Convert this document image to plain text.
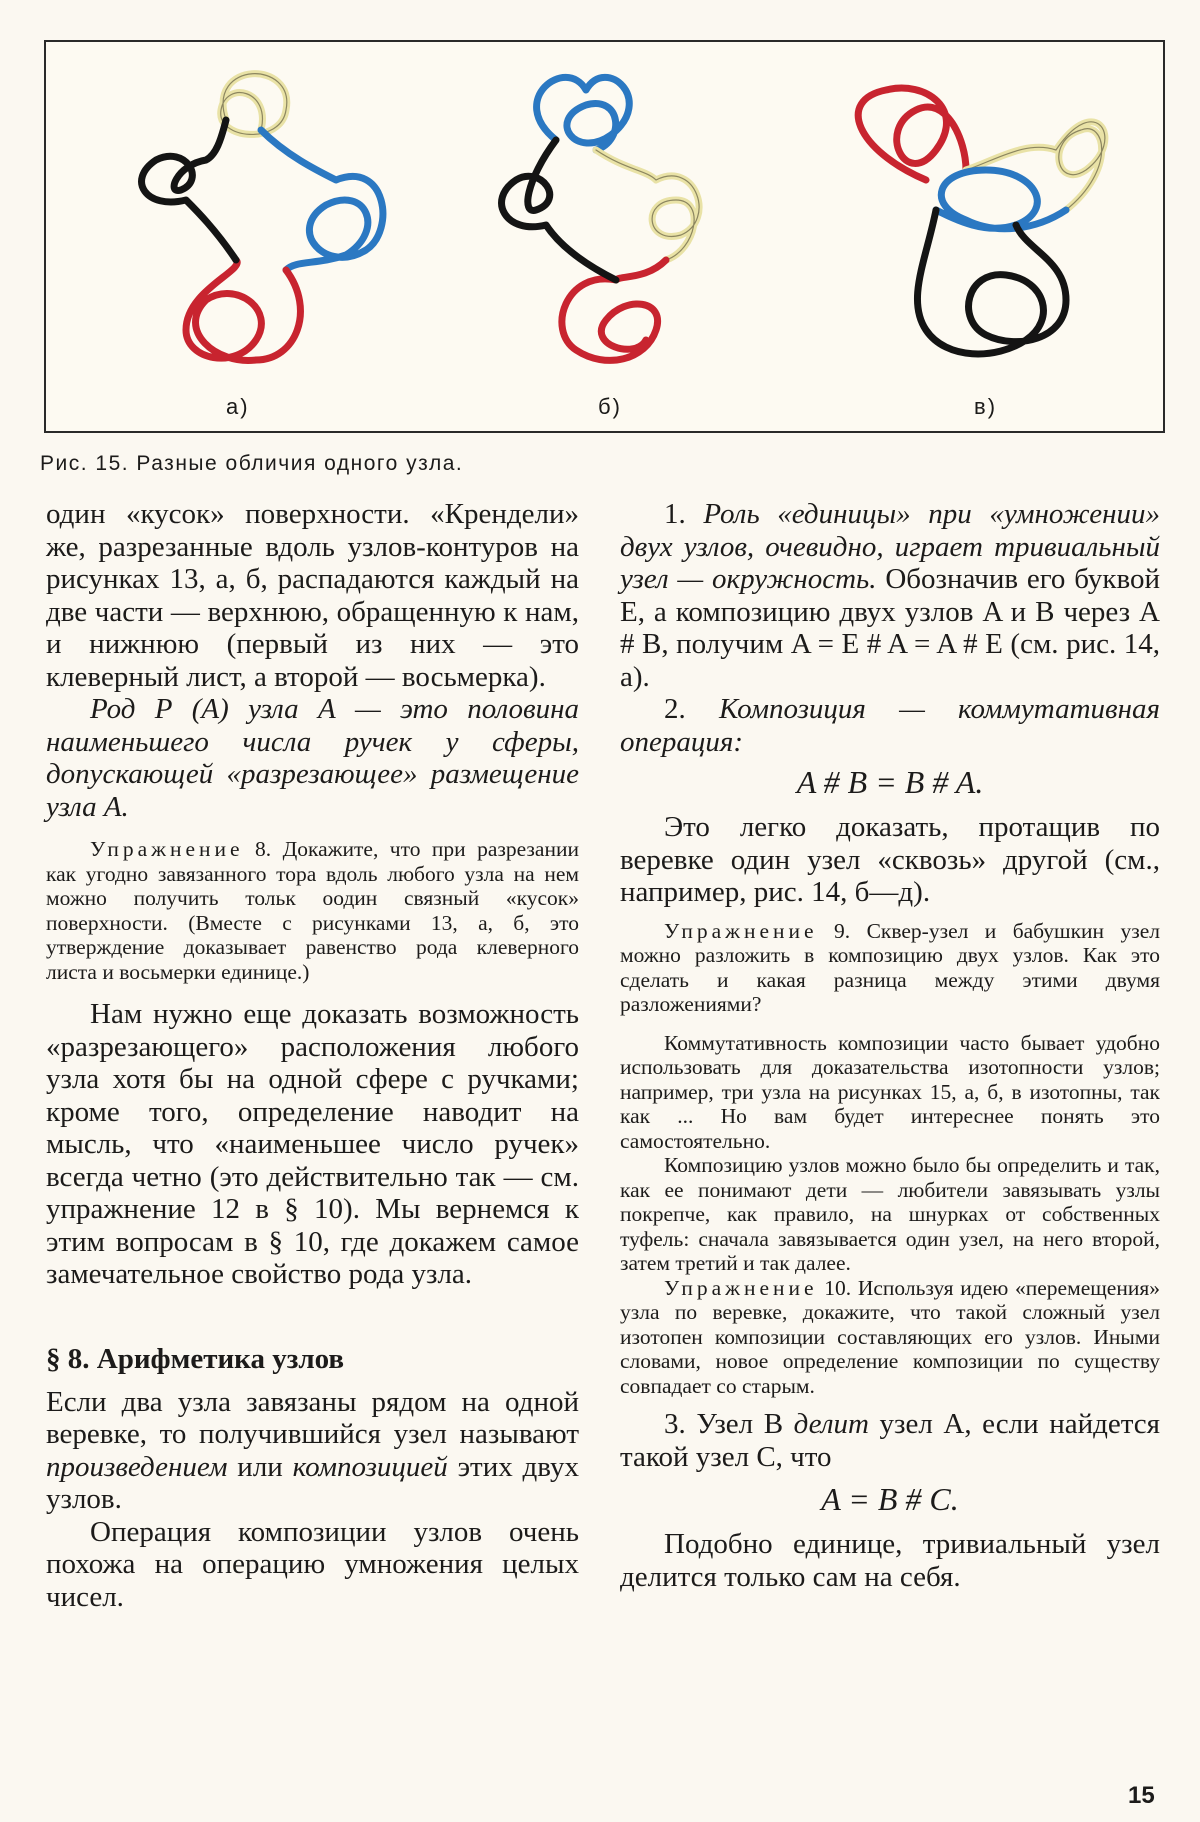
а)	б)	в)
Рис. 15. Разные обличия одного узла.

один «кусок» поверхности. «Крендели» же, разрезанные вдоль узлов-контуров на рисунках 13, а, б, распадаются каждый на две части — верхнюю, обращенную к нам, и нижнюю (первый из них — это клеверный лист, а второй — восьмерка).

Род Р (А) узла А — это половина наименьшего числа ручек у сферы, допускающей «разрезающее» размещение узла А.

Упражнение 8. Докажите, что при разрезании как угодно завязанного тора вдоль любого узла на нем можно получить тольк оодин связный «кусок» поверхности. (Вместе с рисунками 13, а, б, это утверждение доказывает равенство рода клеверного листа и восьмерки единице.)

Нам нужно еще доказать возможность «разрезающего» расположения любого узла хотя бы на одной сфере с ручками; кроме того, определение наводит на мысль, что «наименьшее число ручек» всегда четно (это действительно так — см. упражнение 12 в § 10). Мы вернемся к этим вопросам в § 10, где докажем самое замечательное свойство рода узла.

§ 8. Арифметика узлов

Если два узла завязаны рядом на одной веревке, то получившийся узел называют произведением или композицией этих двух узлов.

Операция композиции узлов очень похожа на операцию умножения целых чисел.

1. Роль «единицы» при «умножении» двух узлов, очевидно, играет тривиальный узел — окружность. Обозначив его буквой E, а композицию двух узлов A и B через A # B, получим A = E # A = A # E (см. рис. 14, а).

2. Композиция — коммутативная операция:

A # B = B # A.

Это легко доказать, протащив по веревке один узел «сквозь» другой (см., например, рис. 14, б—д).

Упражнение 9. Сквер-узел и бабушкин узел можно разложить в композицию двух узлов. Как это сделать и какая разница между этими двумя разложениями?

Коммутативность композиции часто бывает удобно использовать для доказательства изотопности узлов; например, три узла на рисунках 15, а, б, в изотопны, так как ... Но вам будет интереснее понять это самостоятельно.

Композицию узлов можно было бы определить и так, как ее понимают дети — любители завязывать узлы покрепче, как правило, на шнурках от собственных туфель: сначала завязывается один узел, на него второй, затем третий и так далее.

Упражнение 10. Используя идею «перемещения» узла по веревке, докажите, что такой сложный узел изотопен композиции составляющих его узлов. Иными словами, новое определение композиции по существу совпадает со старым.

3. Узел B делит узел A, если найдется такой узел C, что

A = B # C.

Подобно единице, тривиальный узел делится только сам на себя.

15
